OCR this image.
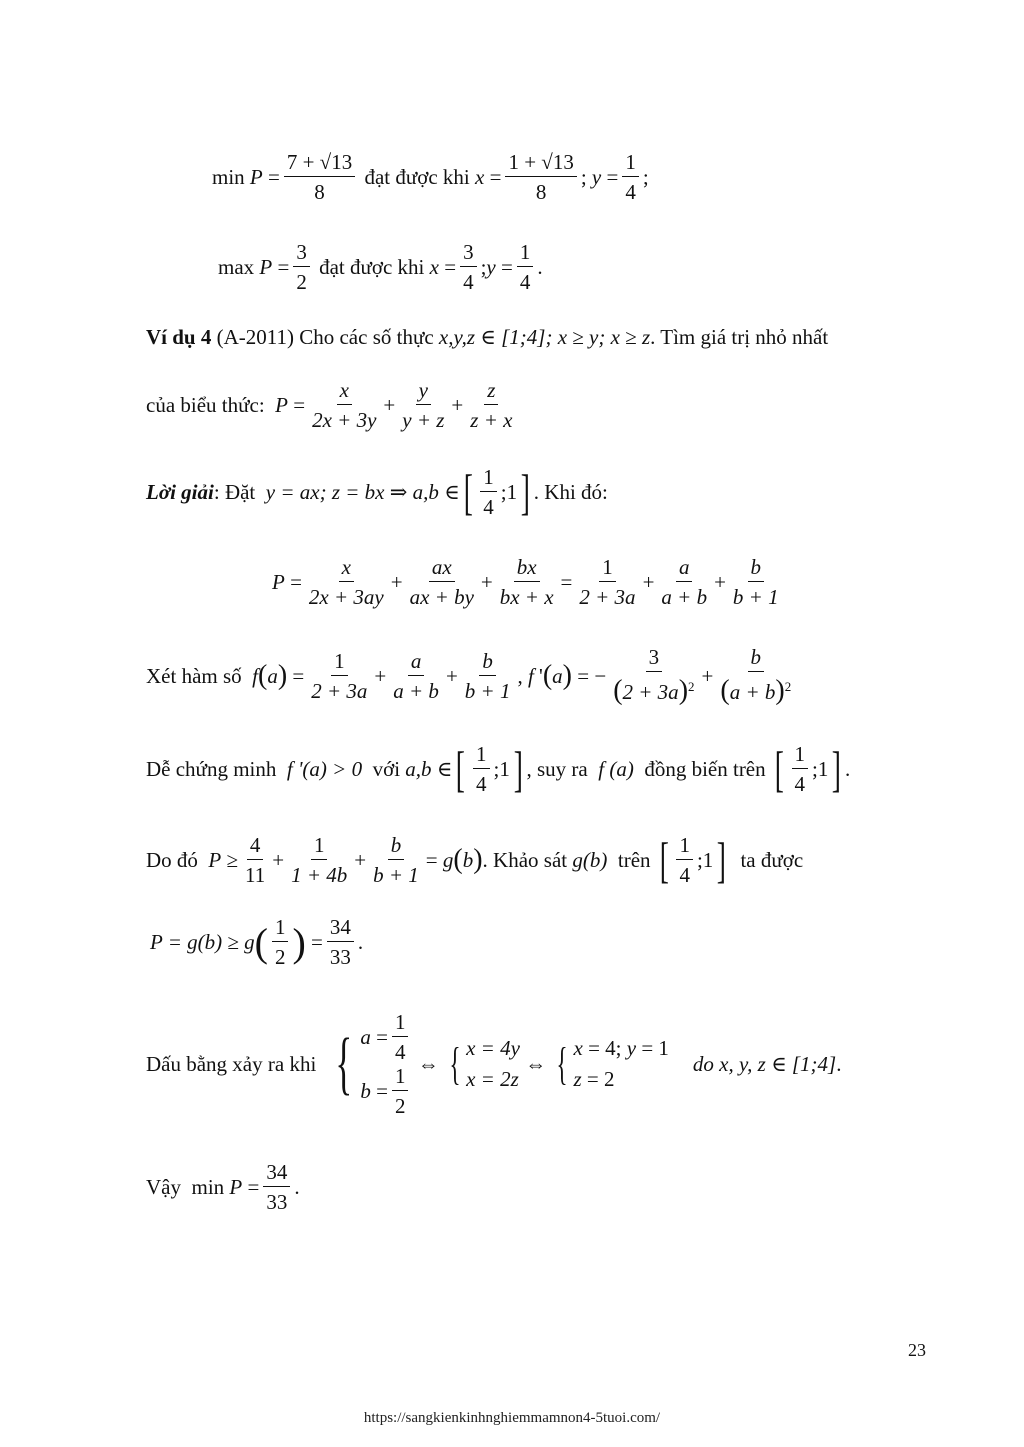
min
$P = \frac{7 + √13}{8}$
đạt được khi
$x = \frac{1 + √13}{8}$ ; $y = \frac{1}{4}$ ;
max
$P = \frac{3}{2}$
đạt được khi
$x = \frac{3}{4}$ ; $y = \frac{1}{4}$ .
Ví dụ 4
(A-2011) Cho các số thực
x,y,z ∈ [1;4]; x ≥ y; x ≥ z . Tìm giá trị nhỏ nhất
của biểu thức:
$P = \frac{x}{2x + 3y} + \frac{y}{y + z} + \frac{z}{z + x}$
Lời giải : Đặt
y = ax; z = bx ⇒ a,b ∈ [ $\frac{1}{4}$ ;1 ] . Khi đó:
$P = \frac{x}{2x + 3ay} + \frac{ax}{ax + by} + \frac{bx}{bx + x} = \frac{1}{2 + 3a} + \frac{a}{a + b} + \frac{b}{b + 1}$
Xét hàm số
f ( a ) = $\frac{1}{2 + 3a} + \frac{a}{a + b} + \frac{b}{b + 1}$ , f ' ( a ) = − $\frac{3}{(2 + 3a)^2} + \frac{b}{(a + b)^2}$
Dễ chứng minh
f '(a) > 0
với
a,b ∈ [ $\frac{1}{4}$ ;1 ] , suy ra
f (a)
đồng biến trên
[ $\frac{1}{4}$ ;1 ] .
Do đó
$P \ge \frac{4}{11} + \frac{1}{1 + 4b} + \frac{b}{b + 1} = g$ ( b ) . Khảo sát
g(b)
trên
[ $\frac{1}{4}$ ;1 ]
ta được
P = g(b) ≥ g ( $\frac{1}{2}$ ) = $\frac{34}{33}$ .
Dấu bằng xảy ra khi
{ $a = \frac{1}{4}$
$b = \frac{1}{2}$
⇔ { x = 4y
x = 2z
⇔ { x = 4; y = 1
z = 2
do
x, y, z ∈ [1;4] .
Vậy
min
$P = \frac{34}{33}$ .
23
https://sangkienkinhnghiemmamnon4-5tuoi.com/
